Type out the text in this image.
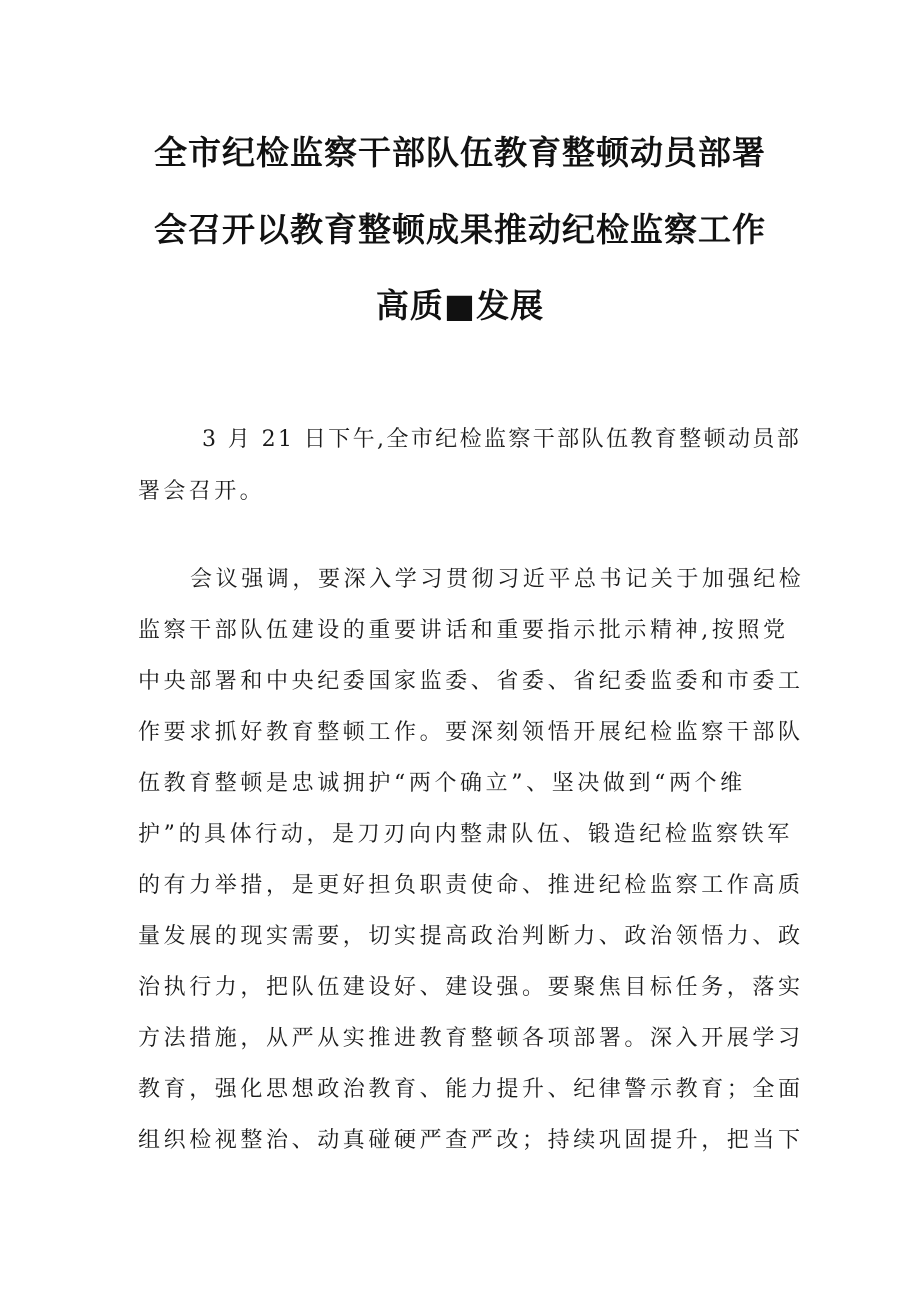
全市纪检监察干部队伍教育整顿动员部署
会召开以教育整顿成果推动纪检监察工作
高质■发展
3 月 21 日下午,全市纪检监察干部队伍教育整顿动员部
署会召开。
会议强调，要深入学习贯彻习近平总书记关于加强纪检
监察干部队伍建设的重要讲话和重要指示批示精神,按照党
中央部署和中央纪委国家监委、省委、省纪委监委和市委工
作要求抓好教育整顿工作。要深刻领悟开展纪检监察干部队
伍教育整顿是忠诚拥护“两个确立”、坚决做到“两个维
护”的具体行动，是刀刃向内整肃队伍、锻造纪检监察铁军
的有力举措，是更好担负职责使命、推进纪检监察工作高质
量发展的现实需要，切实提高政治判断力、政治领悟力、政
治执行力，把队伍建设好、建设强。要聚焦目标任务，落实
方法措施，从严从实推进教育整顿各项部署。深入开展学习
教育，强化思想政治教育、能力提升、纪律警示教育；全面
组织检视整治、动真碰硬严查严改；持续巩固提升，把当下
